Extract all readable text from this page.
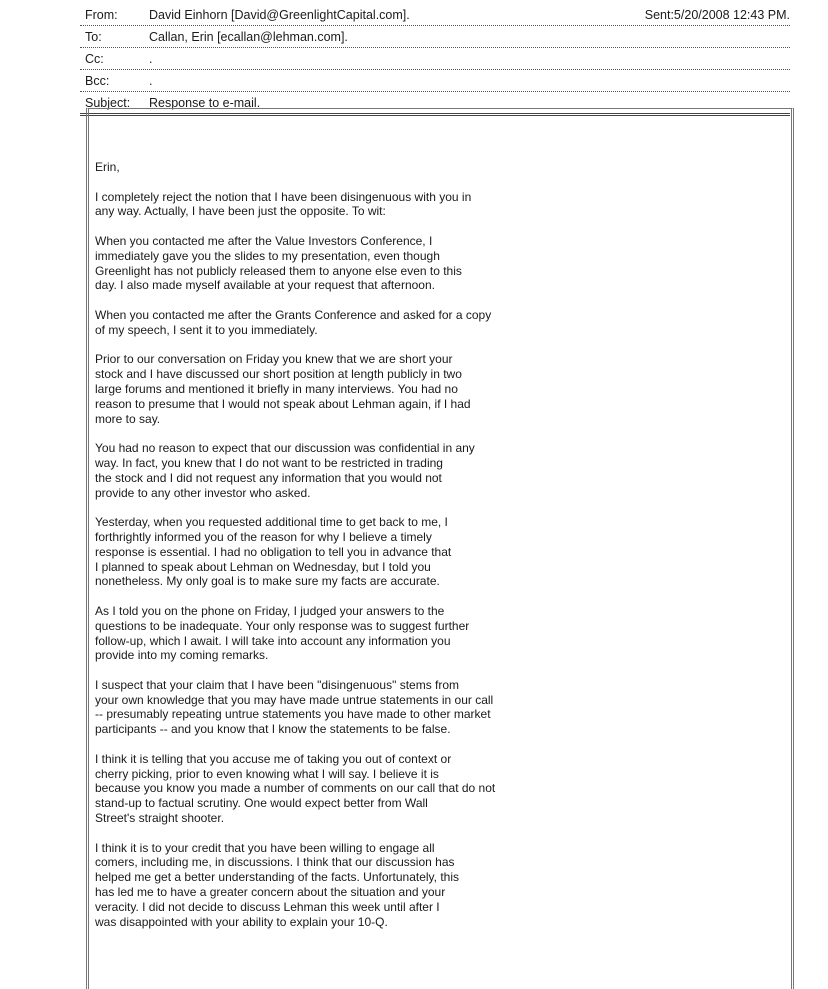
From:	David Einhorn [David@GreenlightCapital.com].	Sent:5/20/2008 12:43 PM.
To:	Callan, Erin [ecallan@lehman.com].
Cc:	.
Bcc:	.
Subject: Response to e-mail.

Erin,

I completely reject the notion that I have been disingenuous with you in
any way. Actually, I have been just the opposite. To wit:

When you contacted me after the Value Investors Conference, I
immediately gave you the slides to my presentation, even though
Greenlight has not publicly released them to anyone else even to this
day. I also made myself available at your request that afternoon.

When you contacted me after the Grants Conference and asked for a copy
of my speech, I sent it to you immediately.

Prior to our conversation on Friday you knew that we are short your
stock and I have discussed our short position at length publicly in two
large forums and mentioned it briefly in many interviews. You had no
reason to presume that I would not speak about Lehman again, if I had
more to say.

You had no reason to expect that our discussion was confidential in any
way. In fact, you knew that I do not want to be restricted in trading
the stock and I did not request any information that you would not
provide to any other investor who asked.

Yesterday, when you requested additional time to get back to me, I
forthrightly informed you of the reason for why I believe a timely
response is essential. I had no obligation to tell you in advance that
I planned to speak about Lehman on Wednesday, but I told you
nonetheless. My only goal is to make sure my facts are accurate.

As I told you on the phone on Friday, I judged your answers to the
questions to be inadequate. Your only response was to suggest further
follow-up, which I await. I will take into account any information you
provide into my coming remarks.

I suspect that your claim that I have been "disingenuous" stems from
your own knowledge that you may have made untrue statements in our call
-- presumably repeating untrue statements you have made to other market
participants -- and you know that I know the statements to be false.

I think it is telling that you accuse me of taking you out of context or
cherry picking, prior to even knowing what I will say. I believe it is
because you know you made a number of comments on our call that do not
stand-up to factual scrutiny. One would expect better from Wall
Street's straight shooter.

I think it is to your credit that you have been willing to engage all
comers, including me, in discussions. I think that our discussion has
helped me get a better understanding of the facts. Unfortunately, this
has led me to have a greater concern about the situation and your
veracity. I did not decide to discuss Lehman this week until after I
was disappointed with your ability to explain your 10-Q.
